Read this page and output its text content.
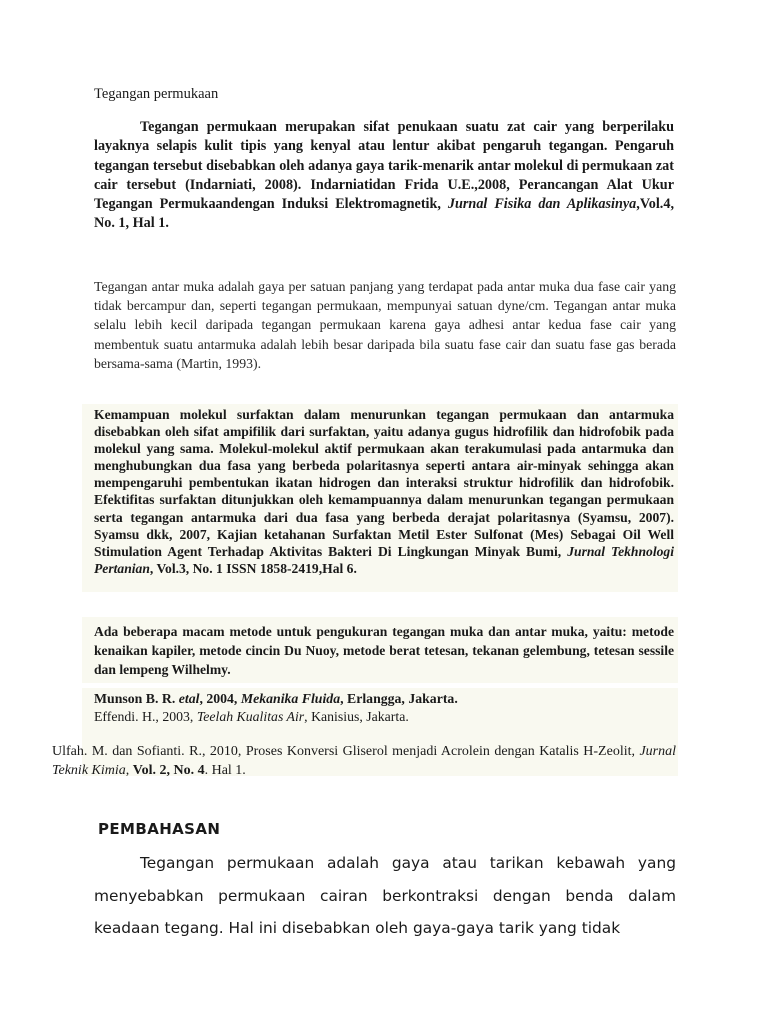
Tegangan permukaan
Tegangan permukaan merupakan sifat penukaan suatu zat cair yang berperilaku layaknya selapis kulit tipis yang kenyal atau lentur akibat pengaruh tegangan. Pengaruh tegangan tersebut disebabkan oleh adanya gaya tarik-menarik antar molekul di permukaan zat cair tersebut (Indarniati, 2008). Indarniatidan Frida U.E.,2008, Perancangan Alat Ukur Tegangan Permukaandengan Induksi Elektromagnetik, Jurnal Fisika dan Aplikasinya,Vol.4, No. 1, Hal 1.
Tegangan antar muka adalah gaya per satuan panjang yang terdapat pada antar muka dua fase cair yang tidak bercampur dan, seperti tegangan permukaan, mempunyai satuan dyne/cm. Tegangan antar muka selalu lebih kecil daripada tegangan permukaan karena gaya adhesi antar kedua fase cair yang membentuk suatu antarmuka adalah lebih besar daripada bila suatu fase cair dan suatu fase gas berada bersama-sama (Martin, 1993).
Kemampuan molekul surfaktan dalam menurunkan tegangan permukaan dan antarmuka disebabkan oleh sifat ampifilik dari surfaktan, yaitu adanya gugus hidrofilik dan hidrofobik pada molekul yang sama. Molekul-molekul aktif permukaan akan terakumulasi pada antarmuka dan menghubungkan dua fasa yang berbeda polaritasnya seperti antara air-minyak sehingga akan mempengaruhi pembentukan ikatan hidrogen dan interaksi struktur hidrofilik dan hidrofobik. Efektifitas surfaktan ditunjukkan oleh kemampuannya dalam menurunkan tegangan permukaan serta tegangan antarmuka dari dua fasa yang berbeda derajat polaritasnya (Syamsu, 2007). Syamsu dkk, 2007, Kajian ketahanan Surfaktan Metil Ester Sulfonat (Mes) Sebagai Oil Well Stimulation Agent Terhadap Aktivitas Bakteri Di Lingkungan Minyak Bumi, Jurnal Tekhnologi Pertanian, Vol.3, No. 1 ISSN 1858-2419,Hal 6.
Ada beberapa macam metode untuk pengukuran tegangan muka dan antar muka, yaitu: metode kenaikan kapiler, metode cincin Du Nuoy, metode berat tetesan, tekanan gelembung, tetesan sessile dan lempeng Wilhelmy.
Munson B. R. etal, 2004, Mekanika Fluida, Erlangga, Jakarta.
Effendi. H., 2003, Teelah Kualitas Air, Kanisius, Jakarta.
Ulfah. M. dan Sofianti. R., 2010, Proses Konversi Gliserol menjadi Acrolein dengan Katalis H-Zeolit, Jurnal Teknik Kimia, Vol. 2, No. 4. Hal 1.
PEMBAHASAN
Tegangan permukaan adalah gaya atau tarikan kebawah yang menyebabkan permukaan cairan berkontraksi dengan benda dalam keadaan tegang. Hal ini disebabkan oleh gaya-gaya tarik yang tidak
